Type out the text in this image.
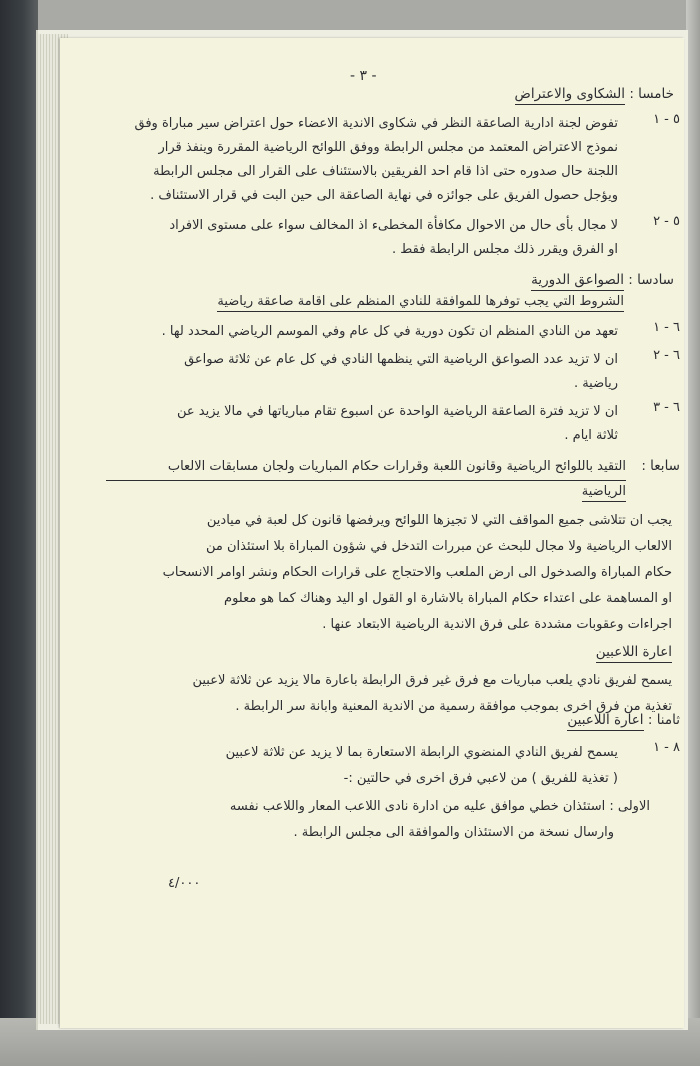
- ٣ -
خامسا : الشكاوى والاعتراض
٥ - ١
تفوض لجنة ادارية الصاعقة النظر في شكاوى الاندية الاعضاء حول اعتراض سير مباراة وفق
نموذج الاعتراض المعتمد من مجلس الرابطة ووفق اللوائح الرياضية المقررة وينفذ قرار
اللجنة حال صدوره حتى اذا قام احد الفريقين بالاستئناف على القرار الى مجلس الرابطة
ويؤجل حصول الفريق على جوائزه في نهاية الصاعقة الى حين البت في قرار الاستئناف .
٥ - ٢
لا مجال بأى حال من الاحوال مكافأة المخطىء اذ المخالف سواء على مستوى الافراد
او الفرق ويقرر ذلك مجلس الرابطة فقط .
سادسا : الصواعق الدورية
الشروط التي يجب توفرها للموافقة للنادي المنظم على اقامة صاعقة رياضية
٦ - ١
تعهد من النادي المنظم ان تكون دورية في كل عام وفي الموسم الرياضي المحدد لها .
٦ - ٢
ان لا تزيد عدد الصواعق الرياضية التي ينظمها النادي في كل عام عن ثلاثة صواعق
رياضية .
٦ - ٣
ان لا تزيد فترة الصاعقة الرياضية الواحدة عن اسبوع تقام مبارياتها في مالا يزيد عن
ثلاثة ايام .
سابعا :
التقيد باللوائح الرياضية وقانون اللعبة وقرارات حكام المباريات ولجان مسابقات الالعاب
الرياضية
يجب ان تتلاشى جميع المواقف التي لا تجيزها اللوائح ويرفضها قانون كل لعبة في ميادين
الالعاب الرياضية ولا مجال للبحث عن مبررات التدخل في شؤون المباراة بلا استئذان من
حكام المباراة والصدخول الى ارض الملعب والاحتجاج على قرارات الحكام ونشر اوامر الانسحاب
او المساهمة على اعتداء حكام المباراة بالاشارة او القول او اليد وهناك كما هو معلوم
اجراءات وعقوبات مشددة على فرق الاندية الرياضية الابتعاد عنها .
اعارة اللاعبين
يسمح لفريق نادي يلعب مباريات مع فرق غير فرق الرابطة باعارة مالا يزيد عن ثلاثة لاعبين
تغذية من فرق اخرى بموجب موافقة رسمية من الاندية المعنية وابانة سر الرابطة .
ثامنا : اعارة اللاعبين
٨ - ١
يسمح لفريق النادي المنضوي الرابطة الاستعارة بما لا يزيد عن ثلاثة لاعبين
( تغذية للفريق ) من لاعبي فرق اخرى في حالتين :-
الاولى : استئذان خطي موافق عليه من ادارة نادى اللاعب المعار واللاعب نفسه
وارسال نسخة من الاستئذان والموافقة الى مجلس الرابطة .
٤/٠٠٠
